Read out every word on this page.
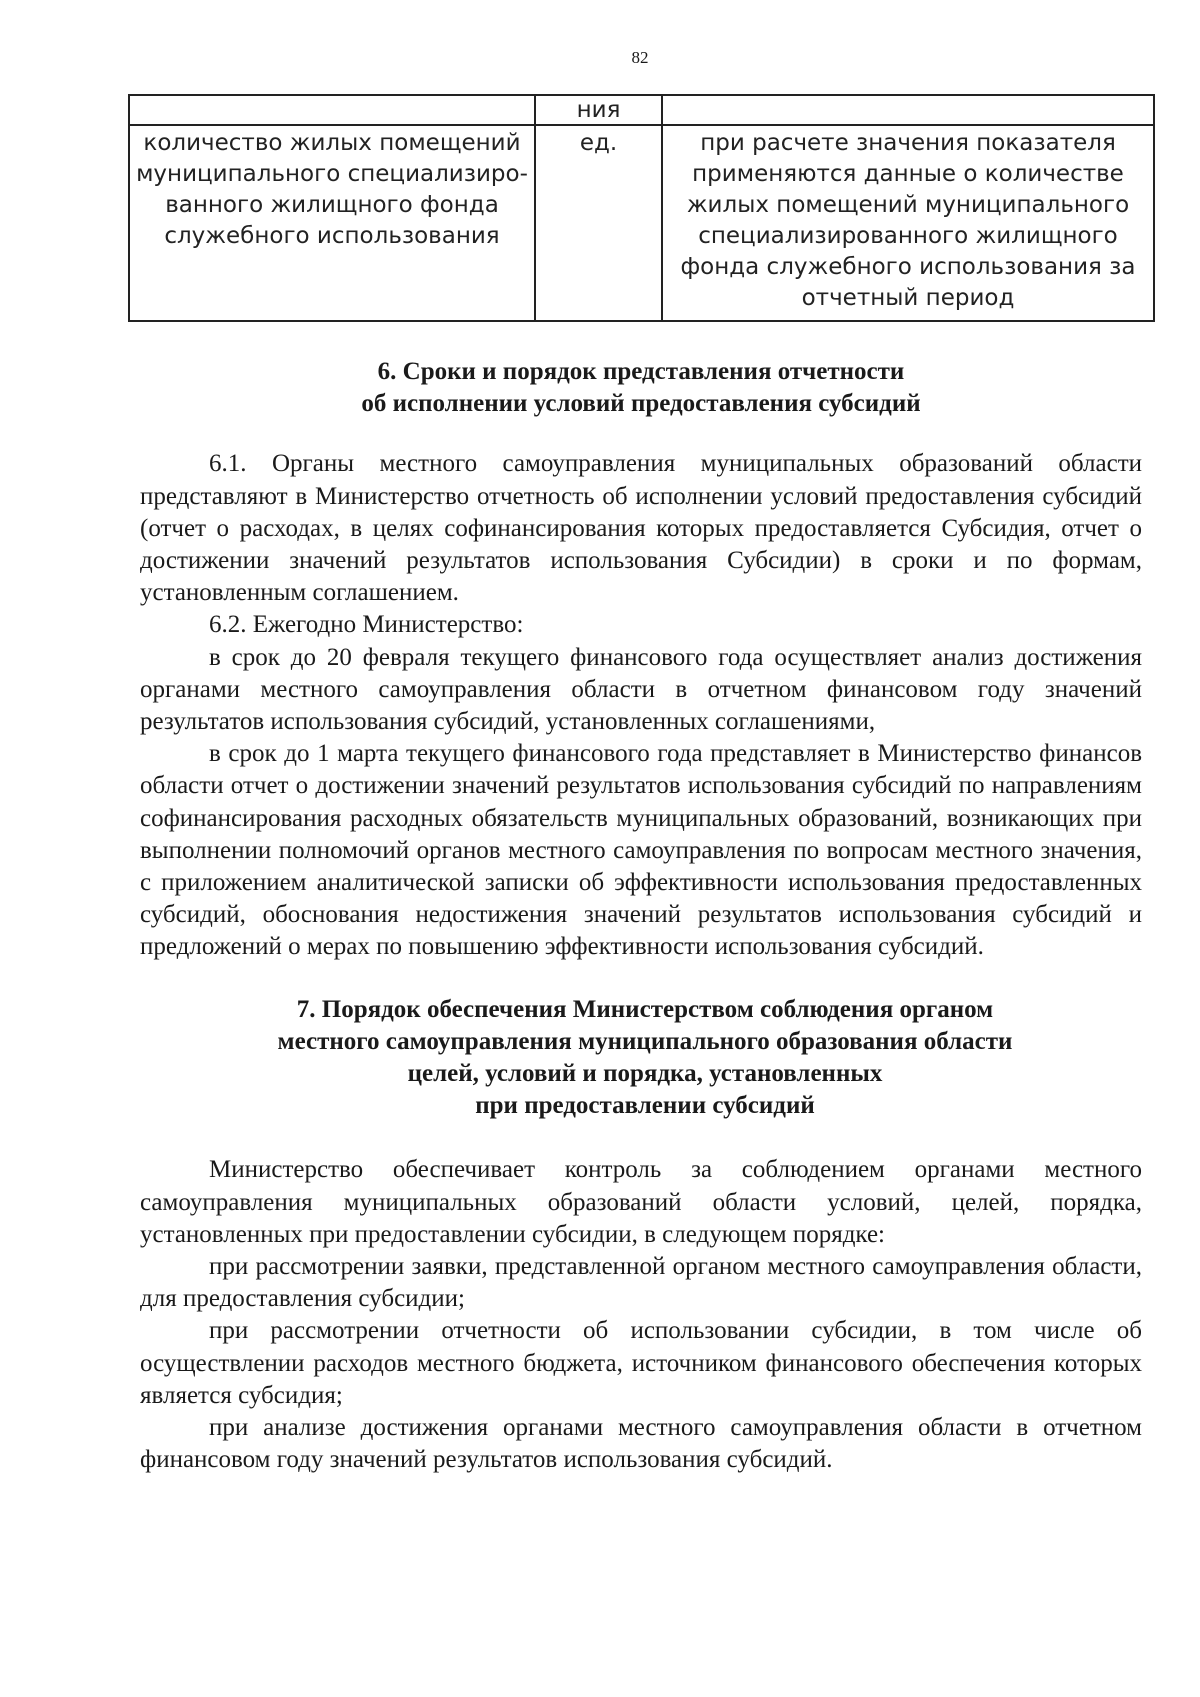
82
	ния	
количество жилых помещений муниципального специализированного жилищного фонда служебного использования	ед.	при расчете значения показателя применяются данные о количестве жилых помещений муниципального специализированного жилищного фонда служебного использования за отчетный период
6. Сроки и порядок представления отчетности
об исполнении условий предоставления субсидий

6.1. Органы местного самоуправления муниципальных образований области представляют в Министерство отчетность об исполнении условий предоставления субсидий (отчет о расходах, в целях софинансирования которых предоставляется Субсидия, отчет о достижении значений результатов использования Субсидии) в сроки и по формам, установленным соглашением.

6.2. Ежегодно Министерство:

в срок до 20 февраля текущего финансового года осуществляет анализ достижения органами местного самоуправления области в отчетном финансовом году значений результатов использования субсидий, установленных соглашениями,

в срок до 1 марта текущего финансового года представляет в Министерство финансов области отчет о достижении значений результатов использования субсидий по направлениям софинансирования расходных обязательств муниципальных образований, возникающих при выполнении полномочий органов местного самоуправления по вопросам местного значения, с приложением аналитической записки об эффективности использования предоставленных субсидий, обоснования недостижения значений результатов использования субсидий и предложений о мерах по повышению эффективности использования субсидий.

7. Порядок обеспечения Министерством соблюдения органом
местного самоуправления муниципального образования области
целей, условий и порядка, установленных
при предоставлении субсидий

Министерство обеспечивает контроль за соблюдением органами местного самоуправления муниципальных образований области условий, целей, порядка, установленных при предоставлении субсидии, в следующем порядке:

при рассмотрении заявки, представленной органом местного самоуправления области, для предоставления субсидии;

при рассмотрении отчетности об использовании субсидии, в том числе об осуществлении расходов местного бюджета, источником финансового обеспечения которых является субсидия;

при анализе достижения органами местного самоуправления области в отчетном финансовом году значений результатов использования субсидий.
